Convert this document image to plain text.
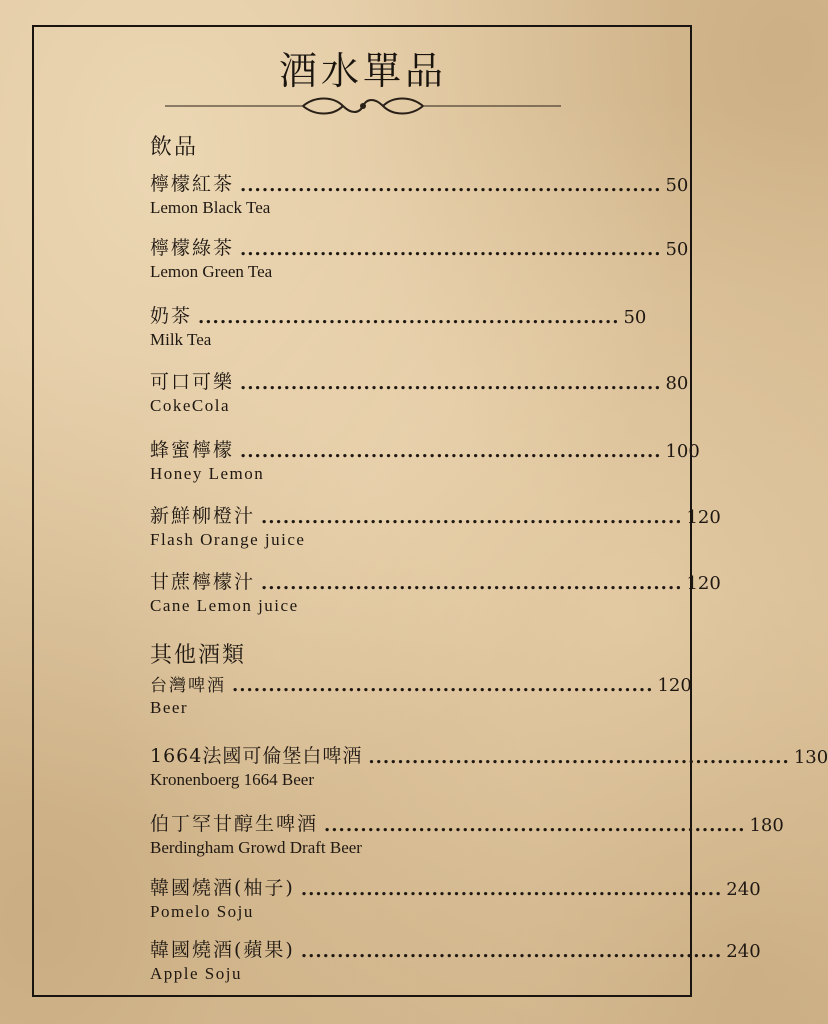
酒水單品
飲品
檸檬紅茶 .......................................................... 50
Lemon Black Tea
檸檬綠茶 .......................................................... 50
Lemon Green Tea
奶茶 .......................................................... 50
Milk Tea
可口可樂 .......................................................... 80
CokeCola
蜂蜜檸檬 .......................................................... 100
Honey Lemon
新鮮柳橙汁 .......................................................... 120
Flash Orange juice
甘蔗檸檬汁 .......................................................... 120
Cane Lemon juice
其他酒類
台灣啤酒 .......................................................... 120
Beer
1664法國可倫堡白啤酒 .......................................................... 130
Kronenboerg 1664 Beer
伯丁罕甘醇生啤酒 .......................................................... 180
Berdingham Growd Draft Beer
韓國燒酒(柚子) .......................................................... 240
Pomelo Soju
韓國燒酒(蘋果) .......................................................... 240
Apple Soju
